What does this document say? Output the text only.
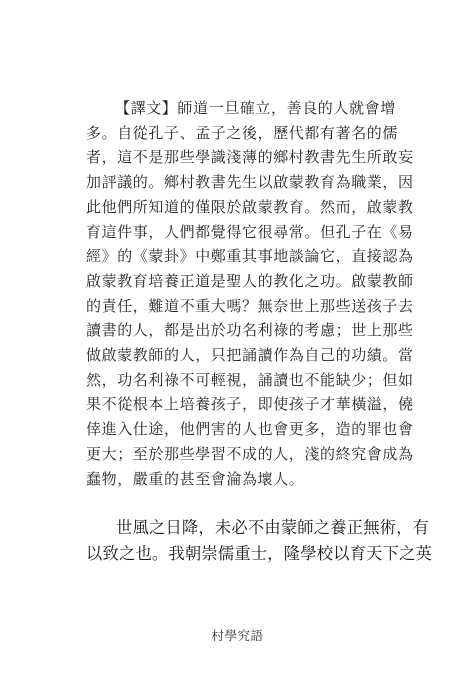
【譯文】師道一旦確立，善良的人就會增
多。自從孔子、孟子之後，歷代都有著名的儒
者，這不是那些學識淺薄的鄉村教書先生所敢妄
加評議的。鄉村教書先生以啟蒙教育為職業，因
此他們所知道的僅限於啟蒙教育。然而，啟蒙教
育這件事，人們都覺得它很尋常。但孔子在《易
經》的《蒙卦》中鄭重其事地談論它，直接認為
啟蒙教育培養正道是聖人的教化之功。啟蒙教師
的責任，難道不重大嗎？無奈世上那些送孩子去
讀書的人，都是出於功名利祿的考慮；世上那些
做啟蒙教師的人，只把誦讀作為自己的功績。當
然，功名利祿不可輕視，誦讀也不能缺少；但如
果不從根本上培養孩子，即使孩子才華橫溢，僥
倖進入仕途，他們害的人也會更多，造的罪也會
更大；至於那些學習不成的人，淺的終究會成為
蠢物，嚴重的甚至會淪為壞人。
世風之日降，未必不由蒙師之養正無術，有
以致之也。我朝崇儒重士，隆學校以育天下之英
村學究語
